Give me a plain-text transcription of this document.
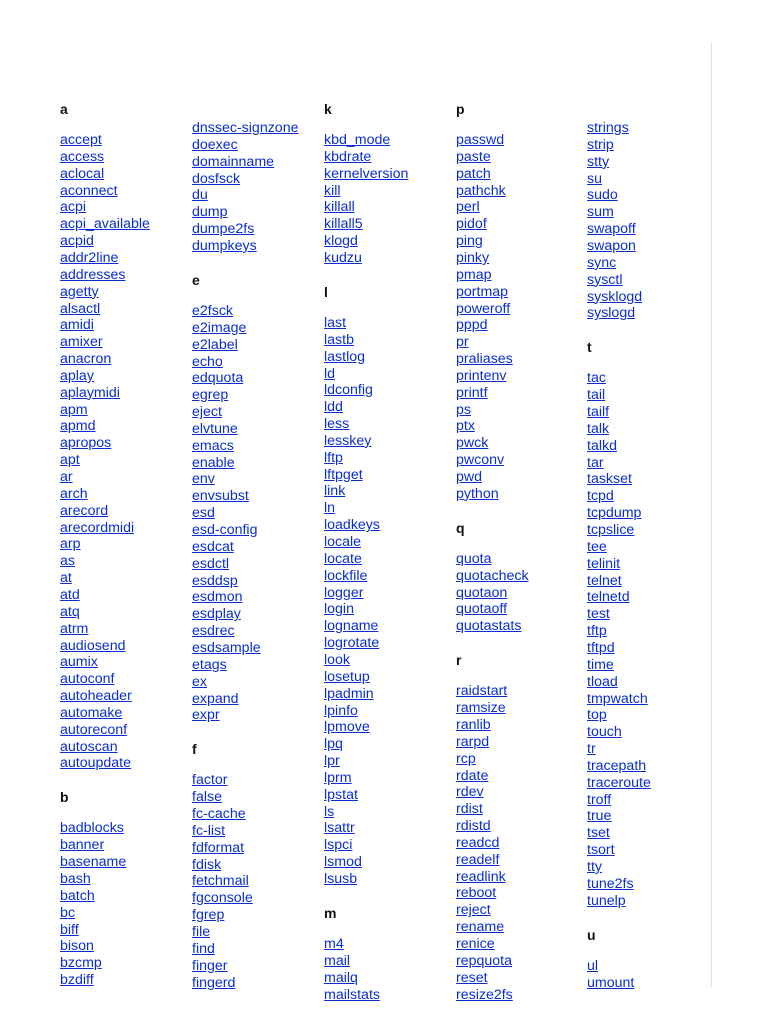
a
accept
access
aclocal
aconnect
acpi
acpi_available
acpid
addr2line
addresses
agetty
alsactl
amidi
amixer
anacron
aplay
aplaymidi
apm
apmd
apropos
apt
ar
arch
arecord
arecordmidi
arp
as
at
atd
atq
atrm
audiosend
aumix
autoconf
autoheader
automake
autoreconf
autoscan
autoupdate
b
badblocks
banner
basename
bash
batch
bc
biff
bison
bzcmp
bzdiff
dnssec-signzone
doexec
domainname
dosfsck
du
dump
dumpe2fs
dumpkeys
e
e2fsck
e2image
e2label
echo
edquota
egrep
eject
elvtune
emacs
enable
env
envsubst
esd
esd-config
esdcat
esdctl
esddsp
esdmon
esdplay
esdrec
esdsample
etags
ex
expand
expr
f
factor
false
fc-cache
fc-list
fdformat
fdisk
fetchmail
fgconsole
fgrep
file
find
finger
fingerd
k
kbd_mode
kbdrate
kernelversion
kill
killall
killall5
klogd
kudzu
l
last
lastb
lastlog
ld
ldconfig
ldd
less
lesskey
lftp
lftpget
link
ln
loadkeys
locale
locate
lockfile
logger
login
logname
logrotate
look
losetup
lpadmin
lpinfo
lpmove
lpq
lpr
lprm
lpstat
ls
lsattr
lspci
lsmod
lsusb
m
m4
mail
mailq
mailstats
p
passwd
paste
patch
pathchk
perl
pidof
ping
pinky
pmap
portmap
poweroff
pppd
pr
praliases
printenv
printf
ps
ptx
pwck
pwconv
pwd
python
q
quota
quotacheck
quotaon
quotaoff
quotastats
r
raidstart
ramsize
ranlib
rarpd
rcp
rdate
rdev
rdist
rdistd
readcd
readelf
readlink
reboot
reject
rename
renice
repquota
reset
resize2fs
strings
strip
stty
su
sudo
sum
swapoff
swapon
sync
sysctl
sysklogd
syslogd
t
tac
tail
tailf
talk
talkd
tar
taskset
tcpd
tcpdump
tcpslice
tee
telinit
telnet
telnetd
test
tftp
tftpd
time
tload
tmpwatch
top
touch
tr
tracepath
traceroute
troff
true
tset
tsort
tty
tune2fs
tunelp
u
ul
umount
